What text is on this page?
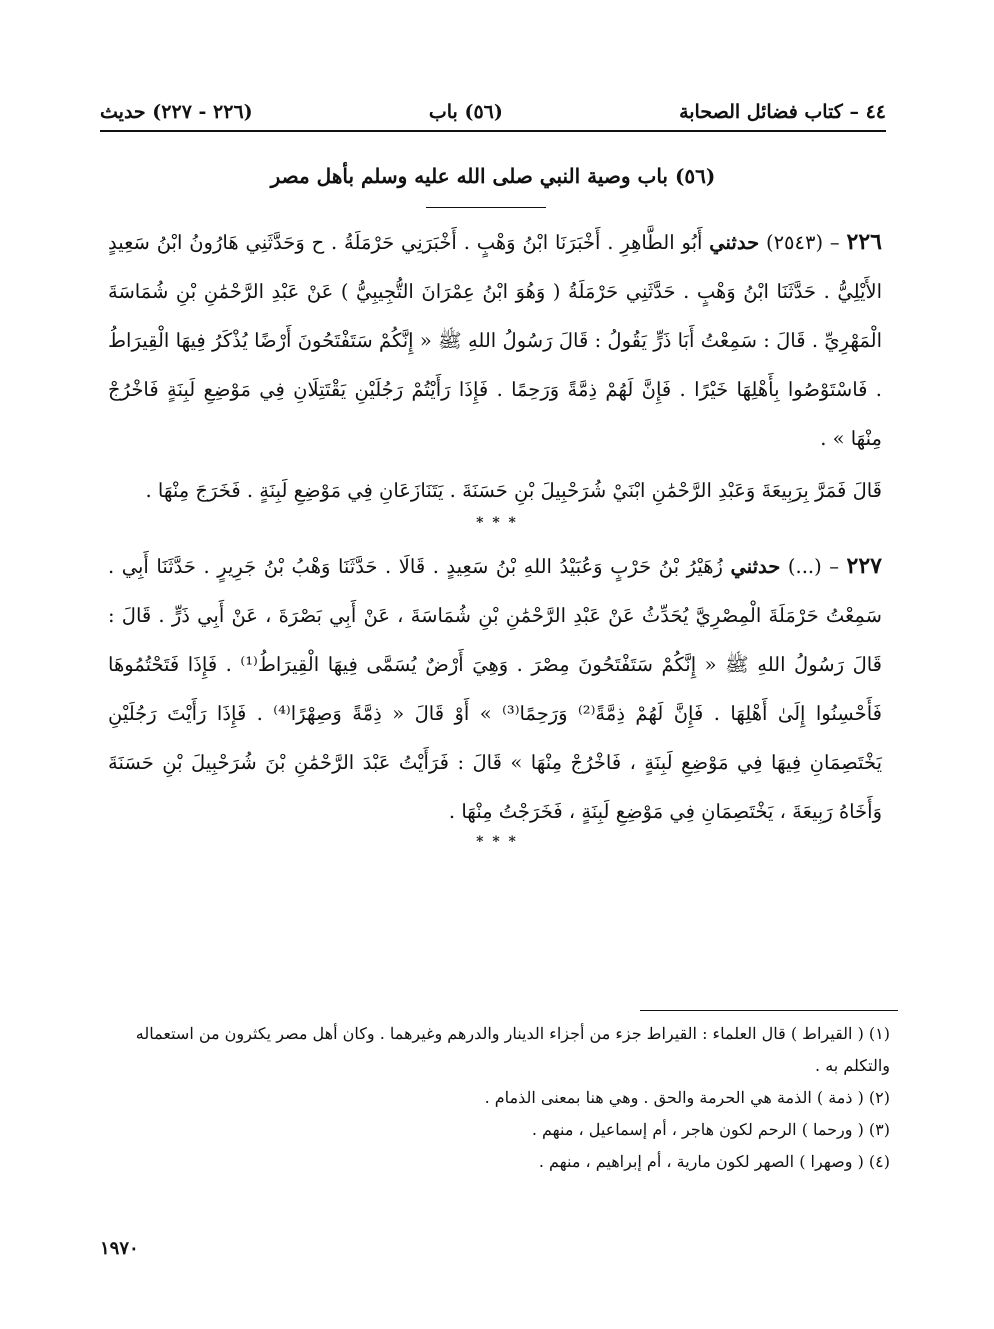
٤٤ – كتاب فضائل الصحابة
(٥٦) باب
(٢٢٦ - ٢٢٧) حديث
(٥٦) باب وصية النبي صلى الله عليه وسلم بأهل مصر
٢٢٦ – (٢٥٤٣) حدثني أَبُو الطَّاهِرِ . أَخْبَرَنَا ابْنُ وَهْبٍ . أَخْبَرَنِي حَرْمَلَةُ . ح وَحَدَّثَنِي هَارُونُ ابْنُ سَعِيدٍ الأَيْلِيُّ . حَدَّثَنَا ابْنُ وَهْبٍ . حَدَّثَنِي حَرْمَلَةُ ( وَهُوَ ابْنُ عِمْرَانَ التُّجِيبِيُّ ) عَنْ عَبْدِ الرَّحْمَٰنِ بْنِ شُمَاسَةَ الْمَهْرِيِّ . قَالَ : سَمِعْتُ أَبَا ذَرٍّ يَقُولُ : قَالَ رَسُولُ اللهِ ﷺ « إِنَّكُمْ سَتَفْتَحُونَ أَرْضًا يُذْكَرُ فِيهَا الْقِيرَاطُ . فَاسْتَوْصُوا بِأَهْلِهَا خَيْرًا . فَإِنَّ لَهُمْ ذِمَّةً وَرَحِمًا . فَإِذَا رَأَيْتُمْ رَجُلَيْنِ يَقْتَتِلَانِ فِي مَوْضِعِ لَبِنَةٍ فَاخْرُجْ مِنْهَا » .
قَالَ فَمَرَّ بِرَبِيعَةَ وَعَبْدِ الرَّحْمَٰنِ ابْنَيْ شُرَحْبِيلَ بْنِ حَسَنَةَ . يَتَنَازَعَانِ فِي مَوْضِعِ لَبِنَةٍ . فَخَرَجَ مِنْهَا .
* * *
٢٢٧ – (...) حدثني زُهَيْرُ بْنُ حَرْبٍ وَعُبَيْدُ اللهِ بْنُ سَعِيدٍ . قَالَا . حَدَّثَنَا وَهْبُ بْنُ جَرِيرٍ . حَدَّثَنَا أَبِي . سَمِعْتُ حَرْمَلَةَ الْمِصْرِيَّ يُحَدِّثُ عَنْ عَبْدِ الرَّحْمَٰنِ بْنِ شُمَاسَةَ ، عَنْ أَبِي بَصْرَةَ ، عَنْ أَبِي ذَرٍّ . قَالَ : قَالَ رَسُولُ اللهِ ﷺ « إِنَّكُمْ سَتَفْتَحُونَ مِصْرَ . وَهِيَ أَرْضٌ يُسَمَّى فِيهَا الْقِيرَاطُ⁽¹⁾ . فَإِذَا فَتَحْتُمُوهَا فَأَحْسِنُوا إِلَىٰ أَهْلِهَا . فَإِنَّ لَهُمْ ذِمَّةً⁽²⁾ وَرَحِمًا⁽³⁾ » أَوْ قَالَ « ذِمَّةً وَصِهْرًا⁽⁴⁾ . فَإِذَا رَأَيْتَ رَجُلَيْنِ يَخْتَصِمَانِ فِيهَا فِي مَوْضِعِ لَبِنَةٍ ، فَاخْرُجْ مِنْهَا » قَالَ : فَرَأَيْتُ عَبْدَ الرَّحْمَٰنِ بْنَ شُرَحْبِيلَ بْنِ حَسَنَةَ وَأَخَاهُ رَبِيعَةَ ، يَخْتَصِمَانِ فِي مَوْضِعِ لَبِنَةٍ ، فَخَرَجْتُ مِنْهَا .
* * *

(١) ( القيراط ) قال العلماء : القيراط جزء من أجزاء الدينار والدرهم وغيرهما . وكان أهل مصر يكثرون من استعماله والتكلم به .

(٢) ( ذمة ) الذمة هي الحرمة والحق . وهي هنا بمعنى الذمام .

(٣) ( ورحما ) الرحم لكون هاجر ، أم إسماعيل ، منهم .

(٤) ( وصهرا ) الصهر لكون مارية ، أم إبراهيم ، منهم .

١٩٧٠
